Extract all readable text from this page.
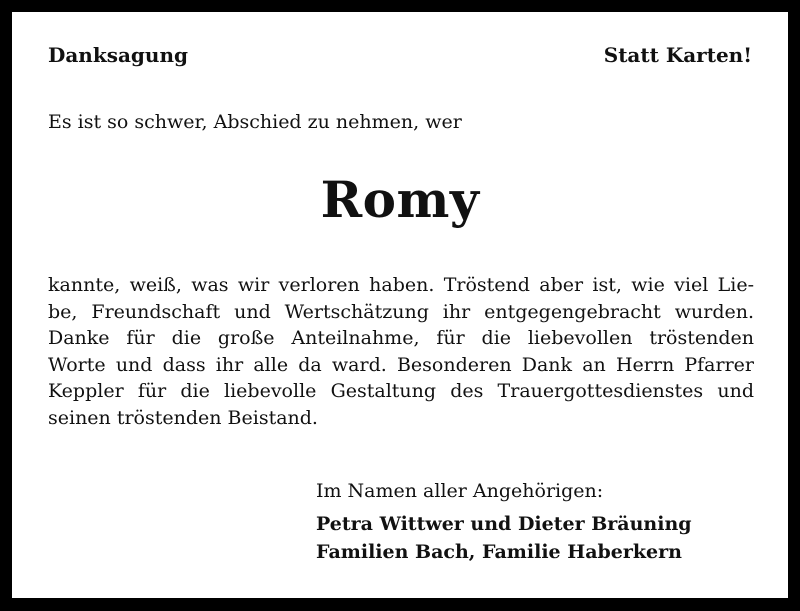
Danksagung	Statt Karten!
Es ist so schwer, Abschied zu nehmen, wer
Romy
kannte, weiß, was wir verloren haben. Tröstend aber ist, wie viel Lie-
be, Freundschaft und Wertschätzung ihr entgegengebracht wurden.
Danke für die große Anteilnahme, für die liebevollen tröstenden
Worte und dass ihr alle da ward. Besonderen Dank an Herrn Pfarrer
Keppler für die liebevolle Gestaltung des Trauergottesdienstes und
seinen tröstenden Beistand.
Im Namen aller Angehörigen:
Petra Wittwer und Dieter Bräuning
Familien Bach, Familie Haberkern
